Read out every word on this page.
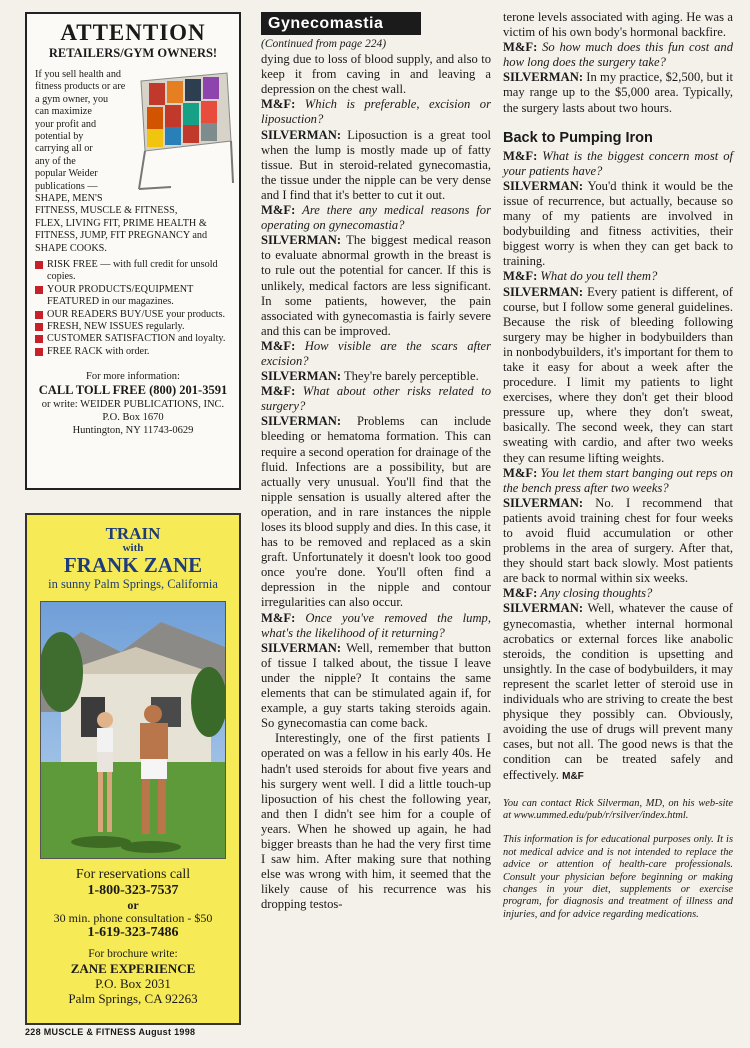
ATTENTION
RETAILERS/GYM OWNERS!

If you sell health and

fitness products or are

a gym owner, you

can maximize

your profit and

potential by

carrying all or

any of the

popular Weider

publications —

SHAPE, MEN'S

FITNESS, MUSCLE & FITNESS,

FLEX, LIVING FIT, PRIME HEALTH &

FITNESS, JUMP, FIT PREGNANCY and

SHAPE COOKS.

RISK FREE — with full credit for unsold copies.
YOUR PRODUCTS/EQUIPMENT FEATURED in our magazines.
OUR READERS BUY/USE your products.
FRESH, NEW ISSUES regularly.
CUSTOMER SATISFACTION and loyalty.
FREE RACK with order.
For more information:
CALL TOLL FREE (800) 201-3591
or write: WEIDER PUBLICATIONS, INC.
P.O. Box 1670
Huntington, NY 11743-0629
TRAIN
with
FRANK ZANE
in sunny Palm Springs, California
For reservations call
1-800-323-7537
or
30 min. phone consultation - $50
1-619-323-7486
For brochure write:
ZANE EXPERIENCE
P.O. Box 2031
Palm Springs, CA 92263
Gynecomastia
(Continued from page 224)

dying due to loss of blood supply, and also to keep it from caving in and leaving a depression on the chest wall.

M&F: Which is preferable, excision or liposuction?

SILVERMAN: Liposuction is a great tool when the lump is mostly made up of fatty tissue. But in steroid-related gynecomastia, the tissue under the nipple can be very dense and I find that it's better to cut it out.

M&F: Are there any medical reasons for operating on gynecomastia?

SILVERMAN: The biggest medical reason to evaluate abnormal growth in the breast is to rule out the potential for cancer. If this is unlikely, medical factors are less significant. In some patients, however, the pain associated with gynecomastia is fairly severe and this can be improved.

M&F: How visible are the scars after excision?

SILVERMAN: They're barely perceptible.

M&F: What about other risks related to surgery?

SILVERMAN: Problems can include bleeding or hematoma formation. This can require a second operation for drainage of the fluid. Infections are a possibility, but are actually very unusual. You'll find that the nipple sensation is usually altered after the operation, and in rare instances the nipple loses its blood supply and dies. In this case, it has to be removed and replaced as a skin graft. Unfortunately it doesn't look too good once you're done. You'll often find a depression in the nipple and contour irregularities can also occur.

M&F: Once you've removed the lump, what's the likelihood of it returning?

SILVERMAN: Well, remember that button of tissue I talked about, the tissue I leave under the nipple? It contains the same elements that can be stimulated again if, for example, a guy starts taking steroids again. So gynecomastia can come back.

Interestingly, one of the first patients I operated on was a fellow in his early 40s. He hadn't used steroids for about five years and his surgery went well. I did a little touch-up liposuction of his chest the following year, and then I didn't see him for a couple of years. When he showed up again, he had bigger breasts than he had the very first time I saw him. After making sure that nothing else was wrong with him, it seemed that the likely cause of his recurrence was his dropping testos-

terone levels associated with aging. He was a victim of his own body's hormonal backfire.

M&F: So how much does this fun cost and how long does the surgery take?

SILVERMAN: In my practice, $2,500, but it may range up to the $5,000 area. Typically, the surgery lasts about two hours.

Back to Pumping Iron

M&F: What is the biggest concern most of your patients have?

SILVERMAN: You'd think it would be the issue of recurrence, but actually, because so many of my patients are involved in bodybuilding and fitness activities, their biggest worry is when they can get back to training.

M&F: What do you tell them?

SILVERMAN: Every patient is different, of course, but I follow some general guidelines. Because the risk of bleeding following surgery may be higher in bodybuilders than in nonbodybuilders, it's important for them to take it easy for about a week after the procedure. I limit my patients to light exercises, where they don't get their blood pressure up, where they don't sweat, basically. The second week, they can start sweating with cardio, and after two weeks they can resume lifting weights.

M&F: You let them start banging out reps on the bench press after two weeks?

SILVERMAN: No. I recommend that patients avoid training chest for four weeks to avoid fluid accumulation or other problems in the area of surgery. After that, they should start back slowly. Most patients are back to normal within six weeks.

M&F: Any closing thoughts?

SILVERMAN: Well, whatever the cause of gynecomastia, whether internal hormonal acrobatics or external forces like anabolic steroids, the condition is upsetting and unsightly. In the case of bodybuilders, it may represent the scarlet letter of steroid use in individuals who are striving to create the best physique they possibly can. Obviously, avoiding the use of drugs will prevent many cases, but not all. The good news is that the condition can be treated safely and effectively. M&F

You can contact Rick Silverman, MD, on his web-site at www.ummed.edu/pub/r/rsilver/index.html.

This information is for educational purposes only. It is not medical advice and is not intended to replace the advice or attention of health-care professionals. Consult your physician before beginning or making changes in your diet, supplements or exercise program, for diagnosis and treatment of illness and injuries, and for advice regarding medications.

228 MUSCLE & FITNESS August 1998
